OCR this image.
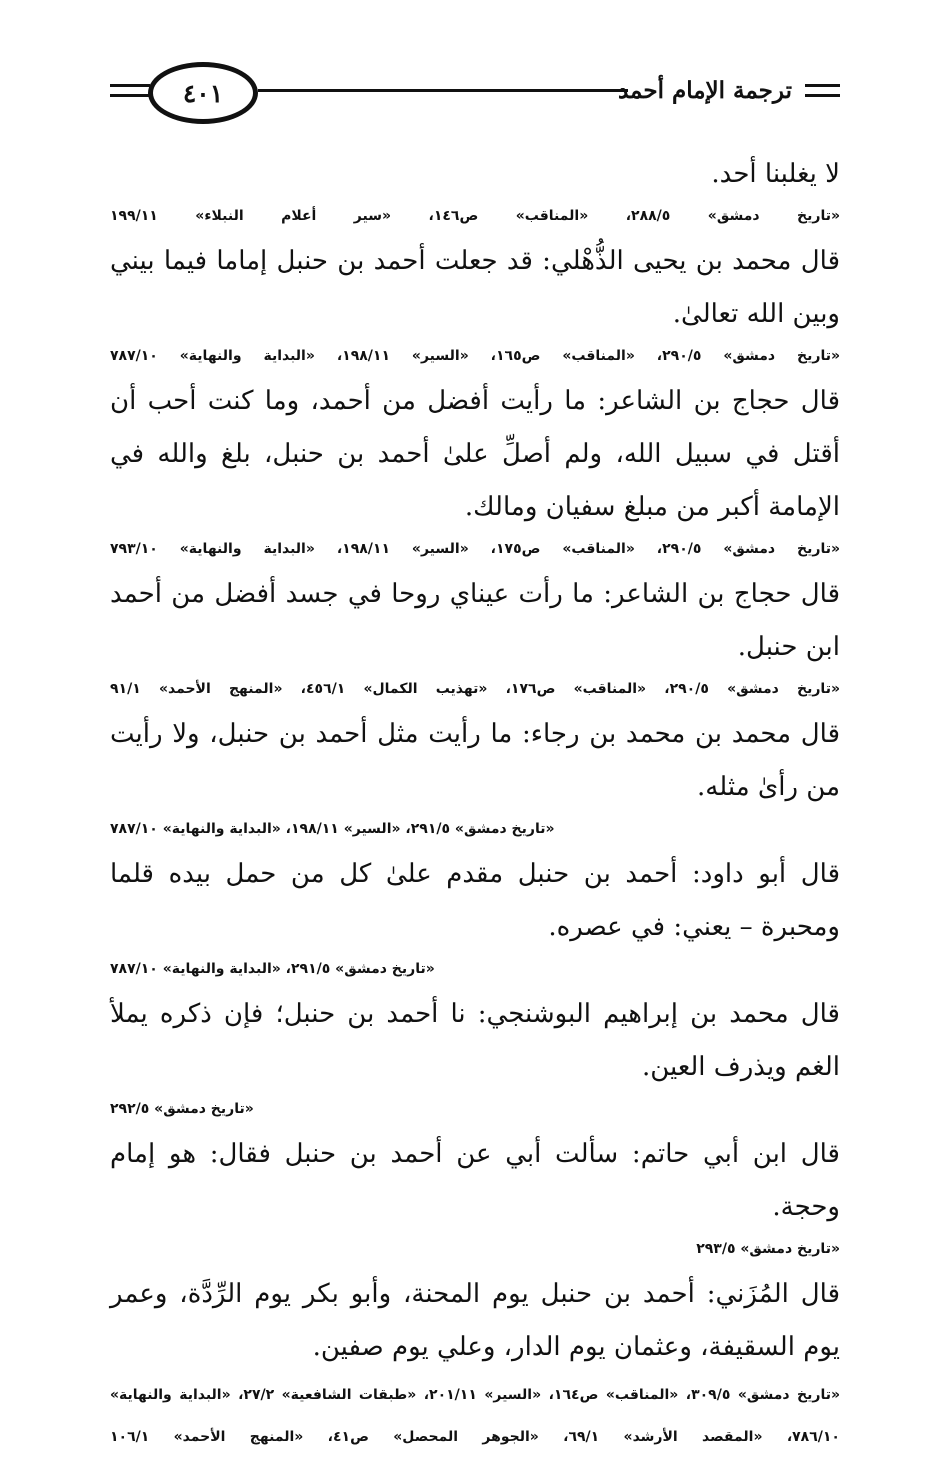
٤٠١	ترجمة الإمام أحمد

لا يغلبنا أحد.

«تاريخ دمشق» ٢٨٨/٥، «المناقب» ص١٤٦، «سير أعلام النبلاء» ١٩٩/١١

قال محمد بن يحيى الذُّهْلي: قد جعلت أحمد بن حنبل إماما فيما بيني وبين الله تعالىٰ.

«تاريخ دمشق» ٢٩٠/٥، «المناقب» ص١٦٥، «السير» ١٩٨/١١، «البداية والنهاية» ٧٨٧/١٠

قال حجاج بن الشاعر: ما رأيت أفضل من أحمد، وما كنت أحب أن أقتل في سبيل الله، ولم أصلِّ علىٰ أحمد بن حنبل، بلغ والله في الإمامة أكبر من مبلغ سفيان ومالك.

«تاريخ دمشق» ٢٩٠/٥، «المناقب» ص١٧٥، «السير» ١٩٨/١١، «البداية والنهاية» ٧٩٣/١٠

قال حجاج بن الشاعر: ما رأت عيناي روحا في جسد أفضل من أحمد ابن حنبل.

«تاريخ دمشق» ٢٩٠/٥، «المناقب» ص١٧٦، «تهذيب الكمال» ٤٥٦/١، «المنهج الأحمد» ٩١/١

قال محمد بن محمد بن رجاء: ما رأيت مثل أحمد بن حنبل، ولا رأيت من رأىٰ مثله.

«تاريخ دمشق» ٢٩١/٥، «السير» ١٩٨/١١، «البداية والنهاية» ٧٨٧/١٠

قال أبو داود: أحمد بن حنبل مقدم علىٰ كل من حمل بيده قلما ومحبرة – يعني: في عصره.

«تاريخ دمشق» ٢٩١/٥، «البداية والنهاية» ٧٨٧/١٠

قال محمد بن إبراهيم البوشنجي: نا أحمد بن حنبل؛ فإن ذكره يملأ الغم ويذرف العين.

«تاريخ دمشق» ٢٩٢/٥

قال ابن أبي حاتم: سألت أبي عن أحمد بن حنبل فقال: هو إمام وحجة.

«تاريخ دمشق» ٢٩٣/٥

قال المُزَني: أحمد بن حنبل يوم المحنة، وأبو بكر يوم الرِّدَّة، وعمر يوم السقيفة، وعثمان يوم الدار، وعلي يوم صفين.

«تاريخ دمشق» ٣٠٩/٥، «المناقب» ص١٦٤، «السير» ٢٠١/١١، «طبقات الشافعية» ٢٧/٢، «البداية والنهاية» ٧٨٦/١٠، «المقصد الأرشد» ٦٩/١، «الجوهر المحصل» ص٤١، «المنهج الأحمد» ١٠٦/١
